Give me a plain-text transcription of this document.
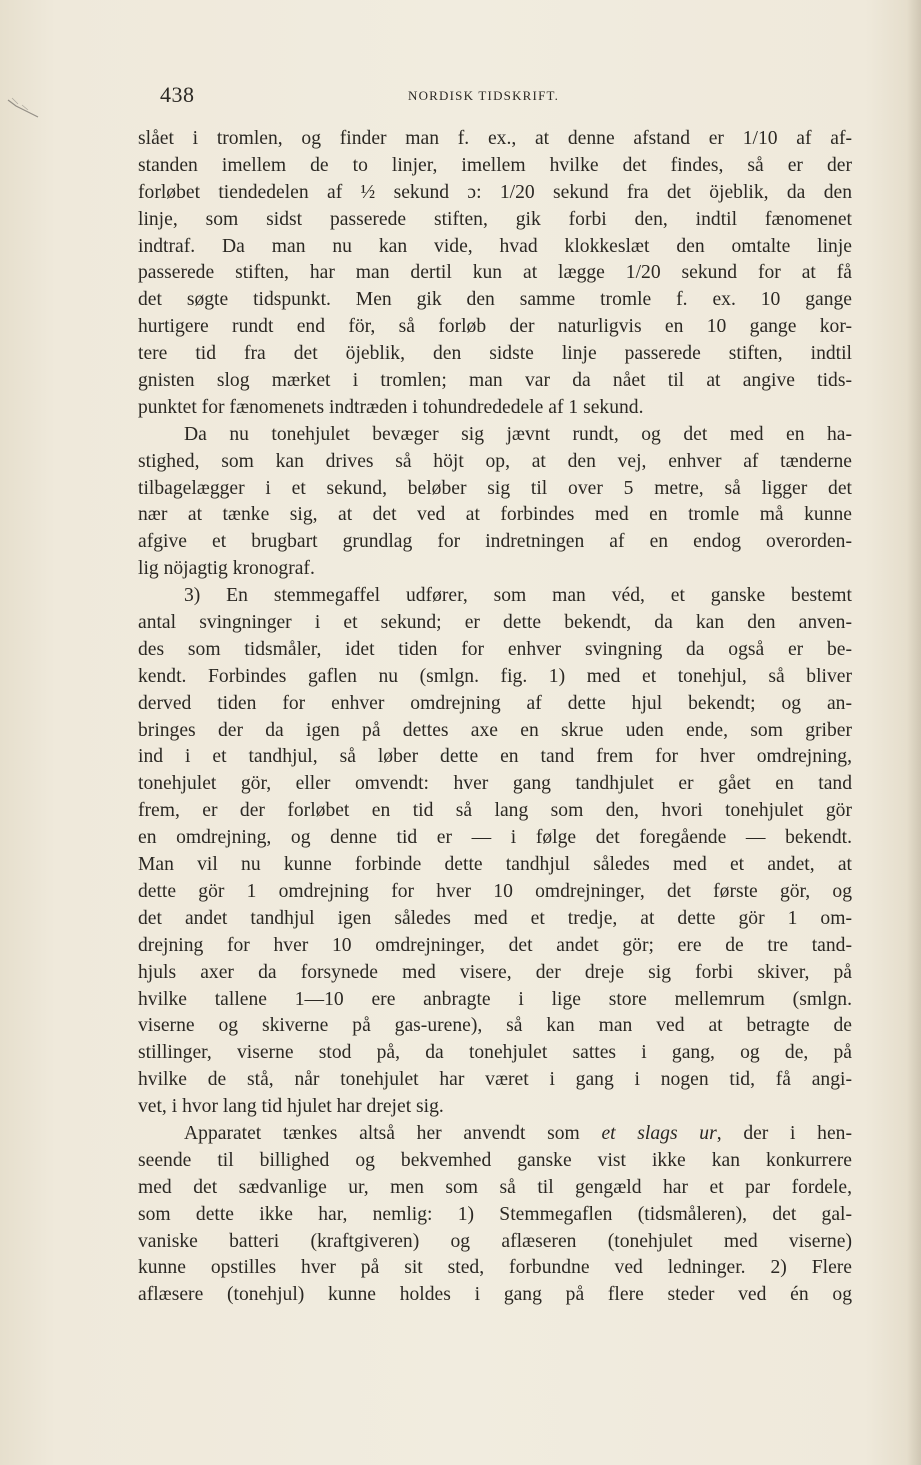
438	NORDISK TIDSKRIFT.
slået i tromlen, og finder man f. ex., at denne afstand er 1/10 af af-
standen imellem de to linjer, imellem hvilke det findes, så er der
forløbet tiendedelen af ½ sekund ɔ: 1/20 sekund fra det öjeblik, da den
linje, som sidst passerede stiften, gik forbi den, indtil fænomenet
indtraf. Da man nu kan vide, hvad klokkeslæt den omtalte linje
passerede stiften, har man dertil kun at lægge 1/20 sekund for at få
det søgte tidspunkt. Men gik den samme tromle f. ex. 10 gange
hurtigere rundt end för, så forløb der naturligvis en 10 gange kor-
tere tid fra det öjeblik, den sidste linje passerede stiften, indtil
gnisten slog mærket i tromlen; man var da nået til at angive tids-
punktet for fænomenets indtræden i tohundrededele af 1 sekund.
Da nu tonehjulet bevæger sig jævnt rundt, og det med en ha-
stighed, som kan drives så höjt op, at den vej, enhver af tænderne
tilbagelægger i et sekund, beløber sig til over 5 metre, så ligger det
nær at tænke sig, at det ved at forbindes med en tromle må kunne
afgive et brugbart grundlag for indretningen af en endog overorden-
lig nöjagtig kronograf.
3) En stemmegaffel udfører, som man véd, et ganske bestemt
antal svingninger i et sekund; er dette bekendt, da kan den anven-
des som tidsmåler, idet tiden for enhver svingning da også er be-
kendt. Forbindes gaflen nu (smlgn. fig. 1) med et tonehjul, så bliver
derved tiden for enhver omdrejning af dette hjul bekendt; og an-
bringes der da igen på dettes axe en skrue uden ende, som griber
ind i et tandhjul, så løber dette en tand frem for hver omdrejning,
tonehjulet gör, eller omvendt: hver gang tandhjulet er gået en tand
frem, er der forløbet en tid så lang som den, hvori tonehjulet gör
en omdrejning, og denne tid er — i følge det foregående — bekendt.
Man vil nu kunne forbinde dette tandhjul således med et andet, at
dette gör 1 omdrejning for hver 10 omdrejninger, det første gör, og
det andet tandhjul igen således med et tredje, at dette gör 1 om-
drejning for hver 10 omdrejninger, det andet gör; ere de tre tand-
hjuls axer da forsynede med visere, der dreje sig forbi skiver, på
hvilke tallene 1—10 ere anbragte i lige store mellemrum (smlgn.
viserne og skiverne på gas-urene), så kan man ved at betragte de
stillinger, viserne stod på, da tonehjulet sattes i gang, og de, på
hvilke de stå, når tonehjulet har været i gang i nogen tid, få angi-
vet, i hvor lang tid hjulet har drejet sig.
Apparatet tænkes altså her anvendt som et slags ur, der i hen-
seende til billighed og bekvemhed ganske vist ikke kan konkurrere
med det sædvanlige ur, men som så til gengæld har et par fordele,
som dette ikke har, nemlig: 1) Stemmegaflen (tidsmåleren), det gal-
vaniske batteri (kraftgiveren) og aflæseren (tonehjulet med viserne)
kunne opstilles hver på sit sted, forbundne ved ledninger. 2) Flere
aflæsere (tonehjul) kunne holdes i gang på flere steder ved én og
